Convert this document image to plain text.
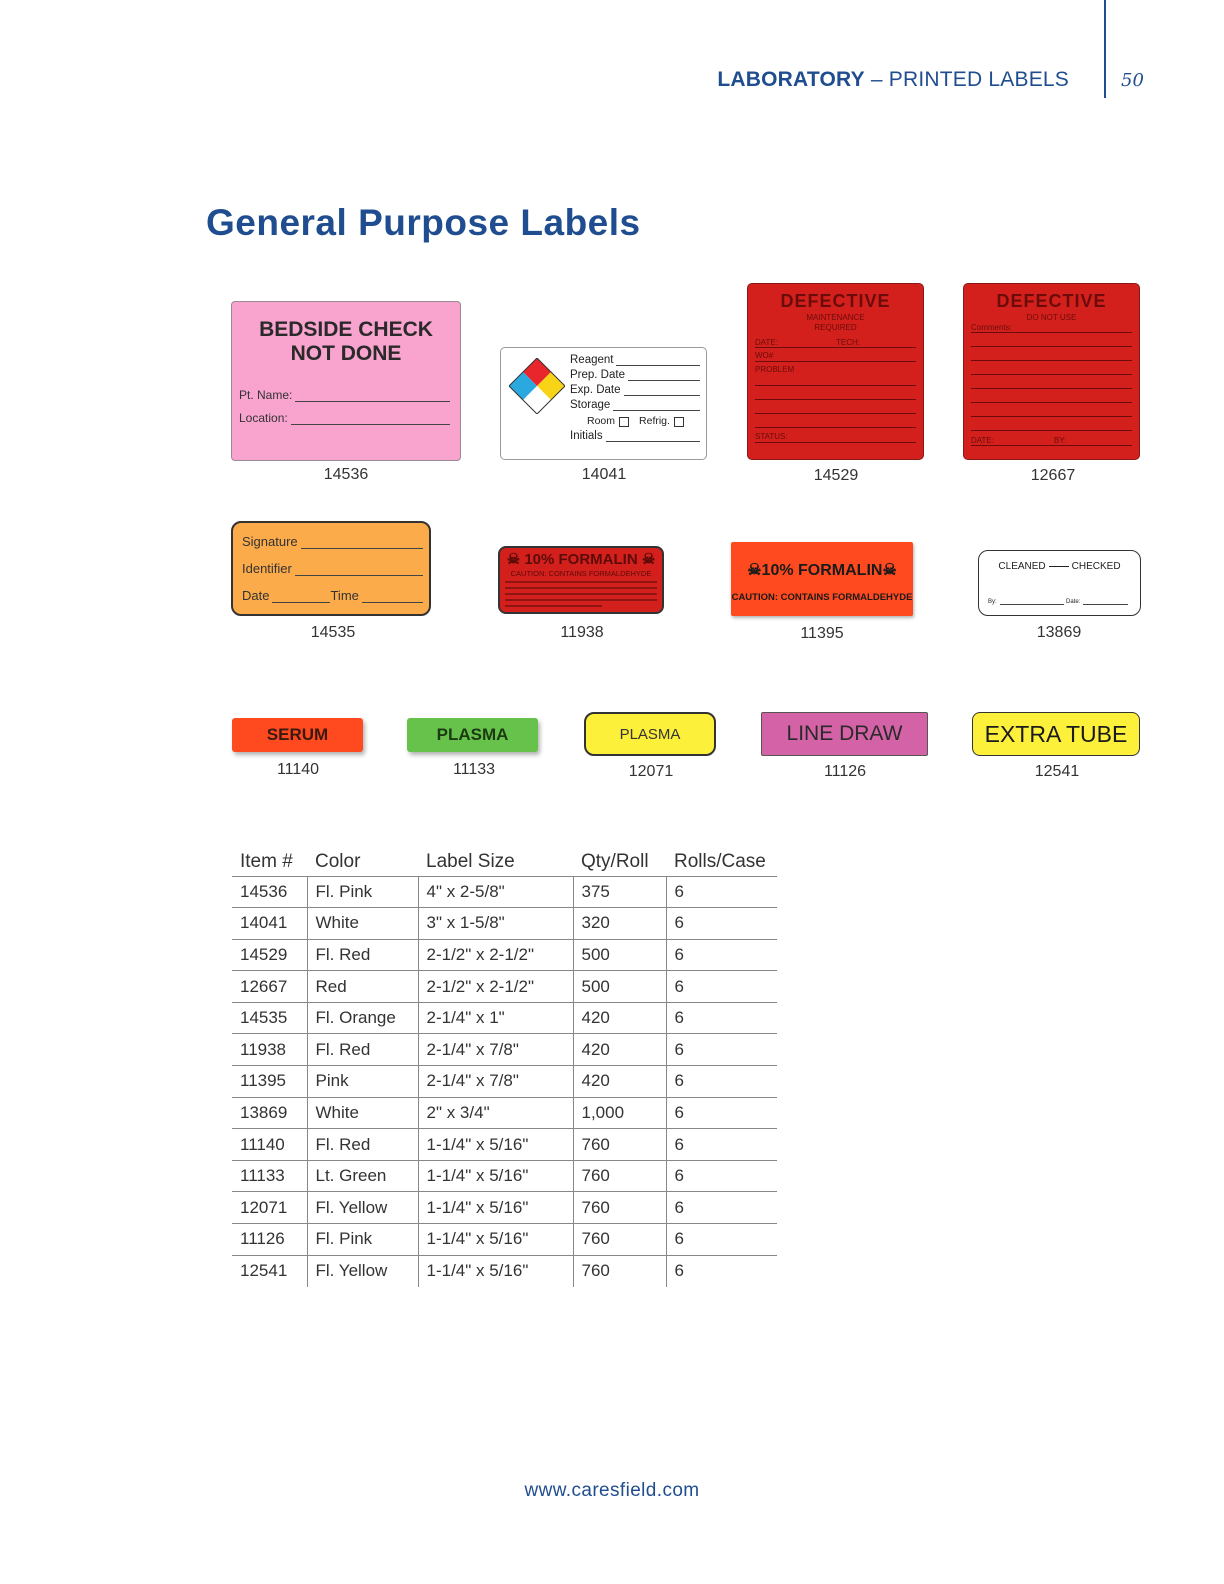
LABORATORY – PRINTED LABELS	50
General Purpose Labels
BEDSIDE CHECK
NOT DONE
Pt. Name:
Location:
14536
Reagent
Prep. Date
Exp. Date
Storage
Room Refrig.
Initials
14041
DEFECTIVE
MAINTENANCE
REQUIRED
DATE:	TECH:
WO#
PROBLEM
STATUS:
14529
DEFECTIVE
DO NOT USE
Comments:
DATE:	BY:
12667
Signature
Identifier
Date	Time
14535
☠ 10% FORMALIN ☠
CAUTION: CONTAINS FORMALDEHYDE
11938
☠10% FORMALIN☠
CAUTION: CONTAINS FORMALDEHYDE
11395
CLEANED	CHECKED
By:	Date:
13869
SERUM
11140
PLASMA
11133
PLASMA
12071
LINE DRAW
11126
EXTRA TUBE
12541
Item #	Color	Label Size	Qty/Roll	Rolls/Case
14536	Fl. Pink	4" x 2-5/8"	375	6
14041	White	3" x 1-5/8"	320	6
14529	Fl. Red	2-1/2" x 2-1/2"	500	6
12667	Red	2-1/2" x 2-1/2"	500	6
14535	Fl. Orange	2-1/4" x 1"	420	6
11938	Fl. Red	2-1/4" x 7/8"	420	6
11395	Pink	2-1/4" x 7/8"	420	6
13869	White	2" x 3/4"	1,000	6
11140	Fl. Red	1-1/4" x 5/16"	760	6
11133	Lt. Green	1-1/4" x 5/16"	760	6
12071	Fl. Yellow	1-1/4" x 5/16"	760	6
11126	Fl. Pink	1-1/4" x 5/16"	760	6
12541	Fl. Yellow	1-1/4" x 5/16"	760	6
www.caresfield.com
